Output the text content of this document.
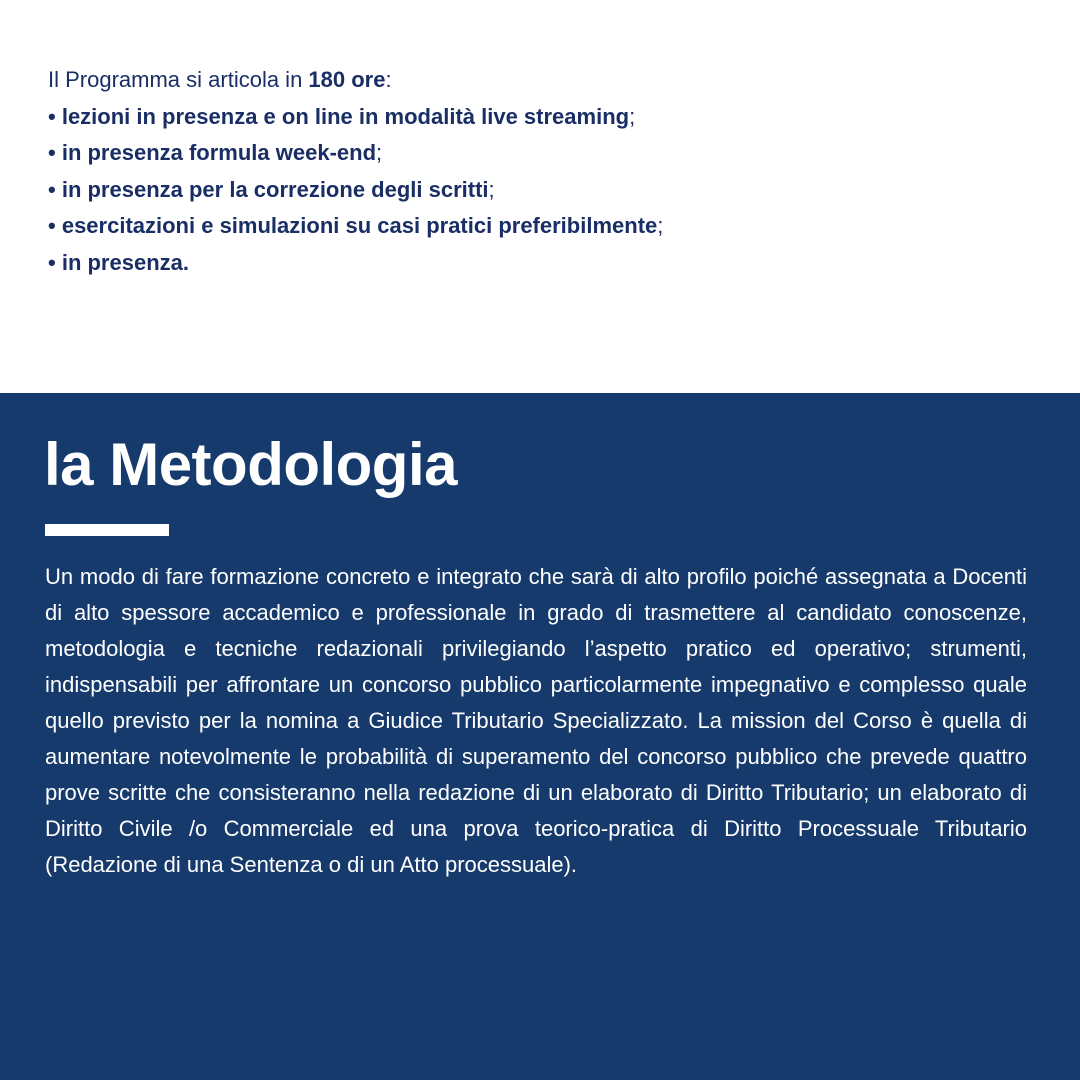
Il Programma si articola in 180 ore:
• lezioni in presenza e on line in modalità live streaming;
• in presenza formula week-end;
• in presenza per la correzione degli scritti;
• esercitazioni e simulazioni su casi pratici preferibilmente;
• in presenza.
la Metodologia

Un modo di fare formazione concreto e integrato che sarà di alto profilo poiché assegnata a Docenti di alto spessore accademico e professionale in grado di trasmettere al candidato conoscenze, metodologia e tecniche redazionali privilegiando l’aspetto pratico ed operativo; strumenti, indispensabili per affrontare un concorso pubblico particolarmente impegnativo e complesso quale quello previsto per la nomina a Giudice Tributario Specializzato. La mission del Corso è quella di aumentare notevolmente le probabilità di superamento del concorso pubblico che prevede quattro prove scritte che consisteranno nella redazione di un elaborato di Diritto Tributario; un elaborato di Diritto Civile /o Commerciale ed una prova teorico-pratica di Diritto Processuale Tributario (Redazione di una Sentenza o di un Atto processuale).
